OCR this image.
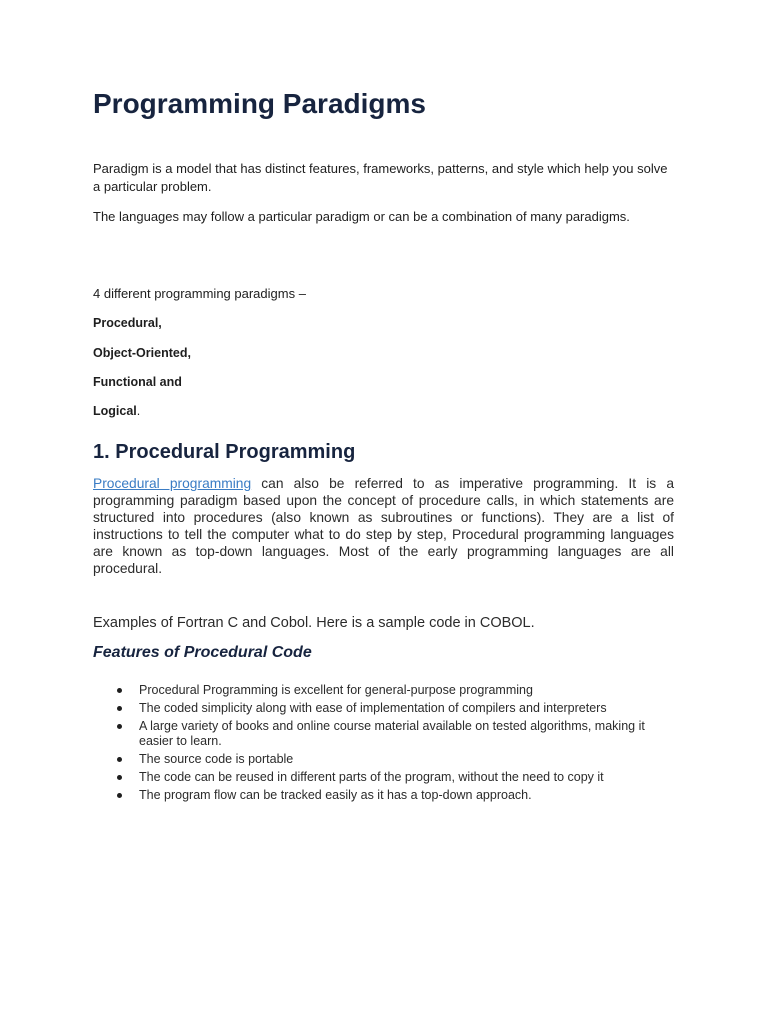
Programming Paradigms

Paradigm is a model that has distinct features, frameworks, patterns, and style which help you solve a particular problem.

The languages may follow a particular paradigm or can be a combination of many paradigms.

4 different programming paradigms –

Procedural,

Object-Oriented,

Functional and

Logical.

1. Procedural Programming

Procedural programming can also be referred to as imperative programming. It is a programming paradigm based upon the concept of procedure calls, in which statements are structured into procedures (also known as subroutines or functions). They are a list of instructions to tell the computer what to do step by step, Procedural programming languages are known as top-down languages. Most of the early programming languages are all procedural.

Examples of Fortran C and Cobol. Here is a sample code in COBOL.

Features of Procedural Code
Procedural Programming is excellent for general-purpose programming
The coded simplicity along with ease of implementation of compilers and interpreters
A large variety of books and online course material available on tested algorithms, making it easier to learn.
The source code is portable
The code can be reused in different parts of the program, without the need to copy it
The program flow can be tracked easily as it has a top-down approach.
